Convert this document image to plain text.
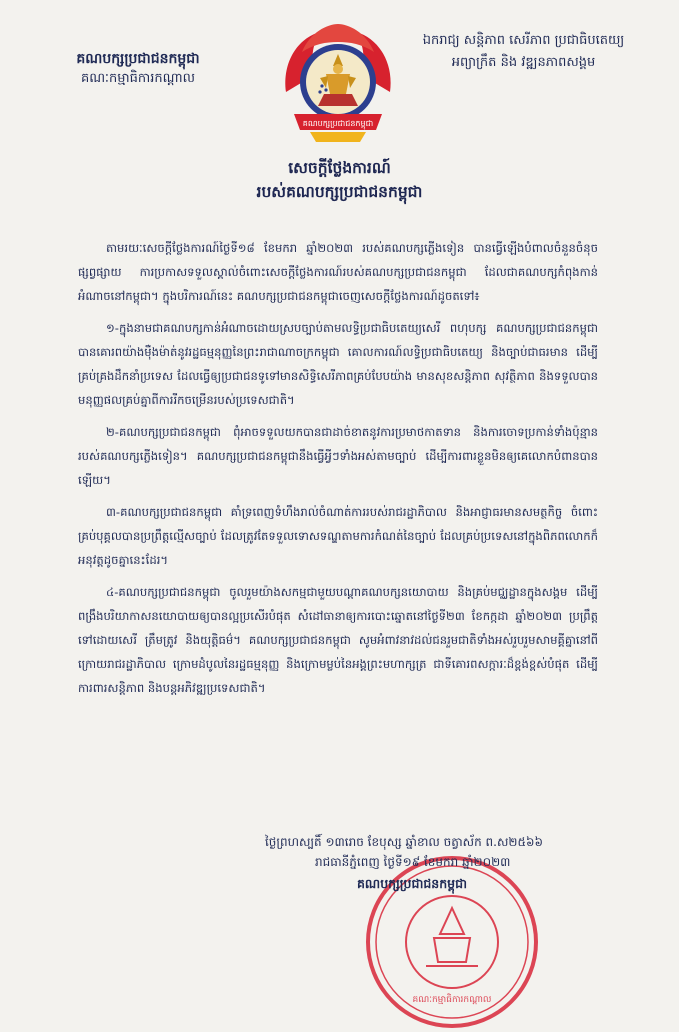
គណបក្សប្រជាជនកម្ពុជា
គណៈកម្មាធិការកណ្តាល
គណបក្សប្រជាជនកម្ពុជា
ឯករាជ្យ សន្តិភាព សេរីភាព ប្រជាធិបតេយ្យ
អព្យាក្រឹត និង វឌ្ឍនភាពសង្គម
សេចក្តីថ្លែងការណ៍
របស់គណបក្សប្រជាជនកម្ពុជា

តាមរយៈសេចក្តីថ្លែងការណ៍ថ្ងៃទី១៨ ខែមករា ឆ្នាំ២០២៣ របស់គណបក្សភ្លើងទៀន បានធ្វើឡើងបំពាលចំនួនចំនុចផ្សព្វផ្សាយ ការប្រកាសទទួលស្គាល់ចំពោះសេចក្តីថ្លែងការណ៍របស់គណបក្សប្រជាជនកម្ពុជា ដែលជាគណបក្សកំពុងកាន់អំណាចនៅកម្ពុជា។ ក្នុងបរិការណ៍នេះ គណបក្សប្រជាជនកម្ពុជាចេញសេចក្តីថ្លែងការណ៍ដូចតទៅ៖

១-ក្នុងនាមជាគណបក្សកាន់អំណាចដោយស្របច្បាប់តាមលទ្ធិប្រជាធិបតេយ្យសេរី ពហុបក្ស គណបក្សប្រជាជនកម្ពុជា បានគោរពយ៉ាងម៉ឺងម៉ាត់នូវរដ្ឋធម្មនុញ្ញនៃព្រះរាជាណាចក្រកម្ពុជា គោលការណ៍លទ្ធិប្រជាធិបតេយ្យ និងច្បាប់ជាធរមាន ដើម្បីគ្រប់គ្រងដឹកនាំប្រទេស ដែលធ្វើឲ្យប្រជាជនទូទៅមានសិទ្ធិសេរីភាពគ្រប់បែបយ៉ាង មានសុខសន្តិភាព សុវត្ថិភាព និងទទួលបានមនុញ្ញផលគ្រប់គ្នាពីការរីកចម្រើនរបស់ប្រទេសជាតិ។

២-គណបក្សប្រជាជនកម្ពុជា ពុំអាចទទួលយកបានជាដាច់ខាតនូវការប្រមាថកាតទាន និងការចោទប្រកាន់ទាំងប៉ុន្មានរបស់គណបក្សភ្លើងទៀន។ គណបក្សប្រជាជនកម្ពុជានឹងធ្វើអ្វីៗទាំងអស់តាមច្បាប់ ដើម្បីការពារខ្លួនមិនឲ្យគេលោកបំពានបានឡើយ។

៣-គណបក្សប្រជាជនកម្ពុជា គាំទ្រពេញទំហឹងរាល់ចំណាត់ការរបស់រាជរដ្ឋាភិបាល និងអាជ្ញាធរមានសមត្ថកិច្ច ចំពោះគ្រប់បុគ្គលបានប្រព្រឹត្តល្មើសច្បាប់ ដែលត្រូវតែទទួលទោសទណ្ឌតាមការកំណត់នៃច្បាប់ ដែលគ្រប់ប្រទេសនៅក្នុងពិភពលោកក៏អនុវត្តដូចគ្នានេះដែរ។

៤-គណបក្សប្រជាជនកម្ពុជា ចូលរួមយ៉ាងសកម្មជាមួយបណ្តាគណបក្សនយោបាយ និងគ្រប់មជ្ឈដ្ឋានក្នុងសង្គម ដើម្បីពង្រឹងបរិយាកាសនយោបាយឲ្យបានល្អប្រសើរបំផុត សំដៅធានាឲ្យការបោះឆ្នោតនៅថ្ងៃទី២៣ ខែកក្កដា ឆ្នាំ២០២៣ ប្រព្រឹត្តទៅដោយសេរី ត្រឹមត្រូវ និងយុត្តិធម៌។ គណបក្សប្រជាជនកម្ពុជា សូមអំពាវនាវដល់ជនរួមជាតិទាំងអស់រួបរួមសាមគ្គីគ្នានៅពីក្រោយរាជរដ្ឋាភិបាល ក្រោមដំបូលនៃរដ្ឋធម្មនុញ្ញ និងក្រោមម្លប់នៃអង្គព្រះមហាក្សត្រ ជាទីគោរពសក្ការៈដ៏ខ្ពង់ខ្ពស់បំផុត ដើម្បីការពារសន្តិភាព និងបន្តអភិវឌ្ឍប្រទេសជាតិ។

គណៈកម្មាធិការកណ្តាល
ថ្ងៃព្រហស្បតិ៍ ១៣រោច ខែបុស្ស ឆ្នាំខាល ចត្វាស័ក ព.ស២៥៦៦
រាជធានីភ្នំពេញ ថ្ងៃទី១៩ ខែមករា ឆ្នាំ២០២៣
គណបក្សប្រជាជនកម្ពុជា
